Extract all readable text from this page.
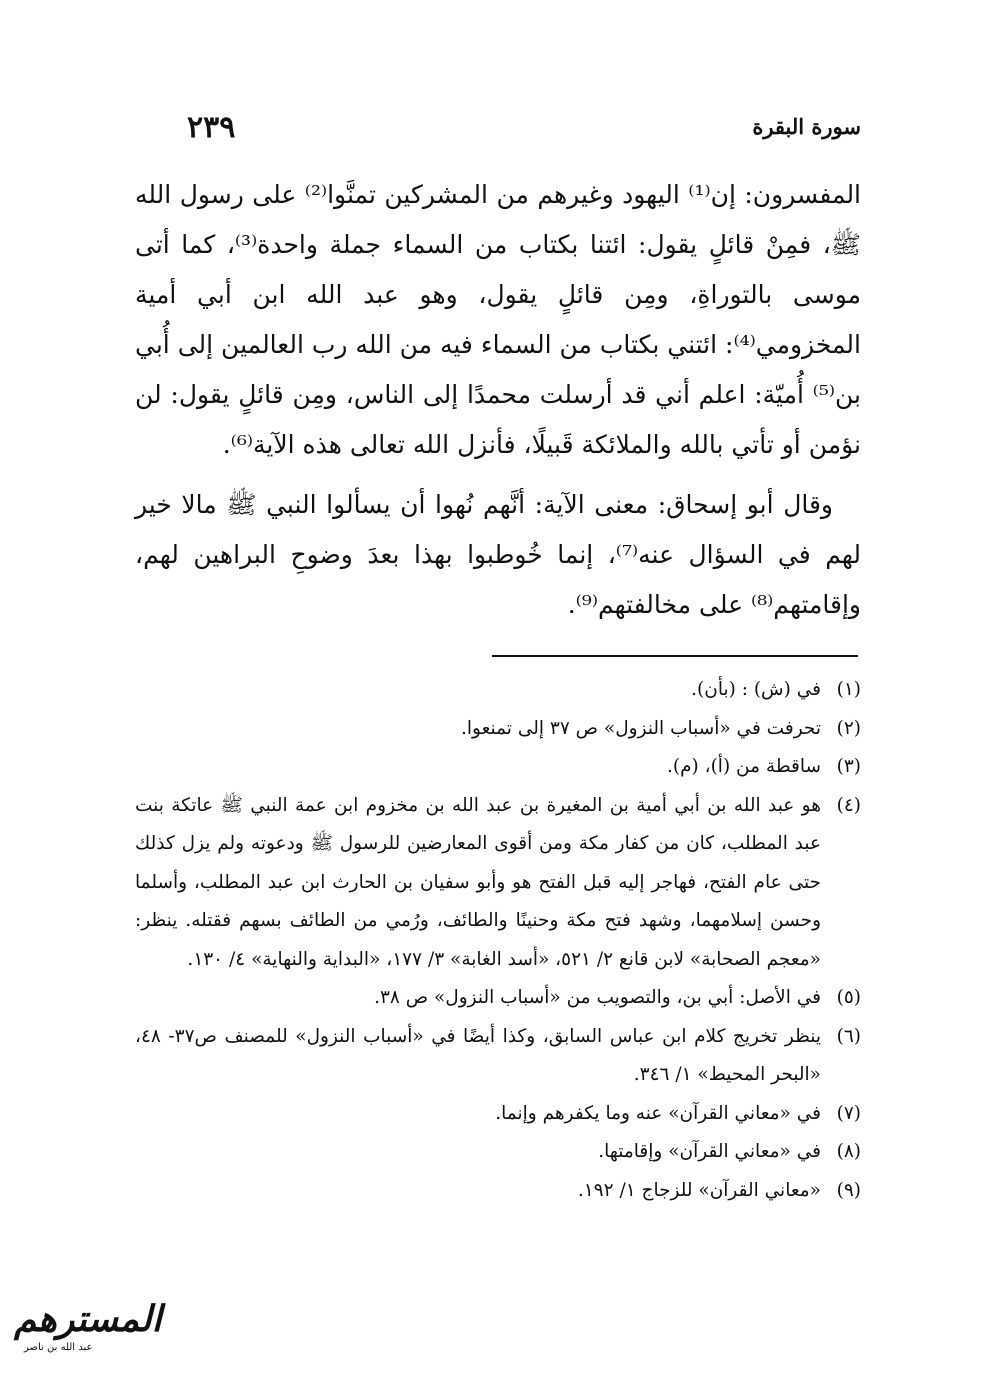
سورة البقرة
٢٣٩

المفسرون: إن⁽¹⁾ اليهود وغيرهم من المشركين تمنَّوا⁽²⁾ على رسول الله ﷺ، فمِنْ قائلٍ يقول: ائتنا بكتاب من السماء جملة واحدة⁽³⁾، كما أتى موسى بالتوراةِ، ومِن قائلٍ يقول، وهو عبد الله ابن أبي أمية المخزومي⁽⁴⁾: ائتني بكتاب من السماء فيه من الله رب العالمين إلى أُبي بن⁽⁵⁾ أُميّة: اعلم أني قد أرسلت محمدًا إلى الناس، ومِن قائلٍ يقول: لن نؤمن أو تأتي بالله والملائكة قَبيلًا، فأنزل الله تعالى هذه الآية⁽⁶⁾.

وقال أبو إسحاق: معنى الآية: أنَّهم نُهوا أن يسألوا النبي ﷺ مالا خير لهم في السؤال عنه⁽⁷⁾، إنما خُوطبوا بهذا بعدَ وضوحِ البراهين لهم، وإقامتهم⁽⁸⁾ على مخالفتهم⁽⁹⁾.

(١)
في (ش) : (بأن).
(٢)
تحرفت في «أسباب النزول» ص ٣٧ إلى تمنعوا.
(٣)
ساقطة من (أ)، (م).
(٤)
هو عبد الله بن أبي أمية بن المغيرة بن عبد الله بن مخزوم ابن عمة النبي ﷺ عاتكة بنت عبد المطلب، كان من كفار مكة ومن أقوى المعارضين للرسول ﷺ ودعوته ولم يزل كذلك حتى عام الفتح، فهاجر إليه قبل الفتح هو وأبو سفيان بن الحارث ابن عبد المطلب، وأسلما وحسن إسلامهما، وشهد فتح مكة وحنينًا والطائف، ورُمي من الطائف بسهم فقتله. ينظر: «معجم الصحابة» لابن قانع ٢/ ٥٢١، «أسد الغابة» ٣/ ١٧٧، «البداية والنهاية» ٤/ ١٣٠.
(٥)
في الأصل: أبي بن، والتصويب من «أسباب النزول» ص ٣٨.
(٦)
ينظر تخريج كلام ابن عباس السابق، وكذا أيضًا في «أسباب النزول» للمصنف ص٣٧- ٤٨، «البحر المحيط» ١/ ٣٤٦.
(٧)
في «معاني القرآن» عنه وما يكفرهم وإنما.
(٨)
في «معاني القرآن» وإقامتها.
(٩)
«معاني القرآن» للزجاج ١/ ١٩٢.
المسترهم
عبد الله بن ناصر
